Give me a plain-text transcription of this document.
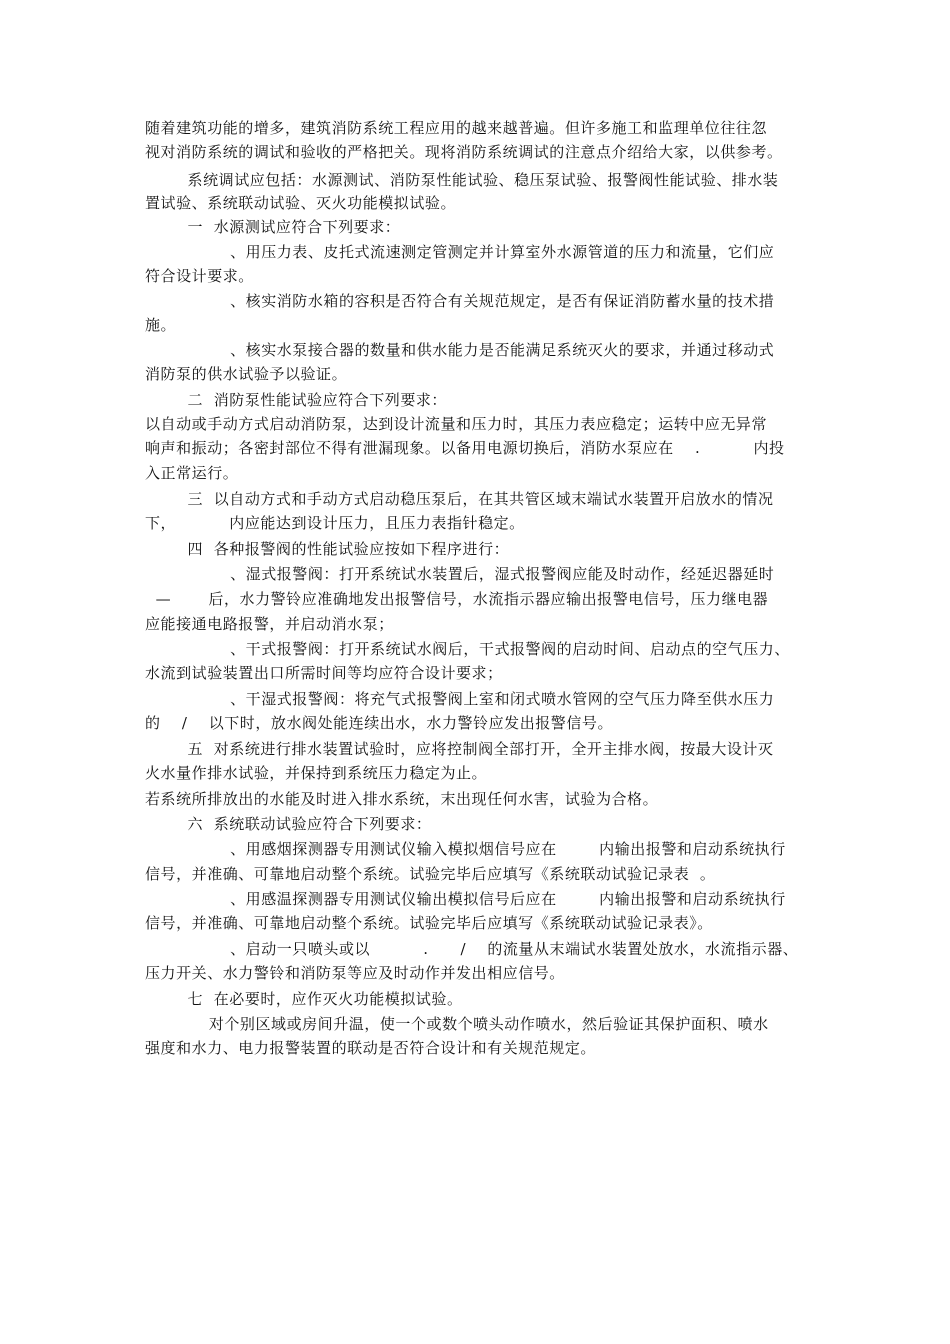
随着建筑功能的增多，建筑消防系统工程应用的越来越普遍。但许多施工和监理单位往往忽
视对消防系统的调试和验收的严格把关。现将消防系统调试的注意点介绍给大家，以供参考。
系统调试应包括：水源测试、消防泵性能试验、稳压泵试验、报警阀性能试验、排水装
置试验、系统联动试验、灭火功能模拟试验。
一  水源测试应符合下列要求：
、用压力表、皮托式流速测定管测定并计算室外水源管道的压力和流量，它们应
符合设计要求。
、核实消防水箱的容积是否符合有关规范规定，是否有保证消防蓄水量的技术措
施。
、核实水泵接合器的数量和供水能力是否能满足系统灭火的要求，并通过移动式
消防泵的供水试验予以验证。
二  消防泵性能试验应符合下列要求：
以自动或手动方式启动消防泵，达到设计流量和压力时，其压力表应稳定；运转中应无异常
响声和振动；各密封部位不得有泄漏现象。以备用电源切换后，消防水泵应在    .          内投
入正常运行。
三  以自动方式和手动方式启动稳压泵后，在其共管区域末端试水装置开启放水的情况
下，          内应能达到设计压力，且压力表指针稳定。
四  各种报警阀的性能试验应按如下程序进行：
、湿式报警阀：打开系统试水装置后，湿式报警阀应能及时动作，经延迟器延时
—       后，水力警铃应准确地发出报警信号，水流指示器应输出报警电信号，压力继电器
应能接通电路报警，并启动消水泵；
、干式报警阀：打开系统试水阀后，干式报警阀的启动时间、启动点的空气压力、
水流到试验装置出口所需时间等均应符合设计要求；
、干湿式报警阀：将充气式报警阀上室和闭式喷水管网的空气压力降至供水压力
的    /    以下时，放水阀处能连续出水，水力警铃应发出报警信号。
五  对系统进行排水装置试验时，应将控制阀全部打开，全开主排水阀，按最大设计灭
火水量作排水试验，并保持到系统压力稳定为止。
若系统所排放出的水能及时进入排水系统，末出现任何水害，试验为合格。
六  系统联动试验应符合下列要求：
、用感烟探测器专用测试仪输入模拟烟信号应在        内输出报警和启动系统执行
信号，并准确、可靠地启动整个系统。试验完毕后应填写《系统联动试验记录表  。
、用感温探测器专用测试仪输出模拟信号后应在        内输出报警和启动系统执行
信号，并准确、可靠地启动整个系统。试验完毕后应填写《系统联动试验记录表》。
、启动一只喷头或以          .      /    的流量从末端试水装置处放水，水流指示器、
压力开关、水力警铃和消防泵等应及时动作并发出相应信号。
七  在必要时，应作灭火功能模拟试验。
对个别区域或房间升温，使一个或数个喷头动作喷水，然后验证其保护面积、喷水
强度和水力、电力报警装置的联动是否符合设计和有关规范规定。
